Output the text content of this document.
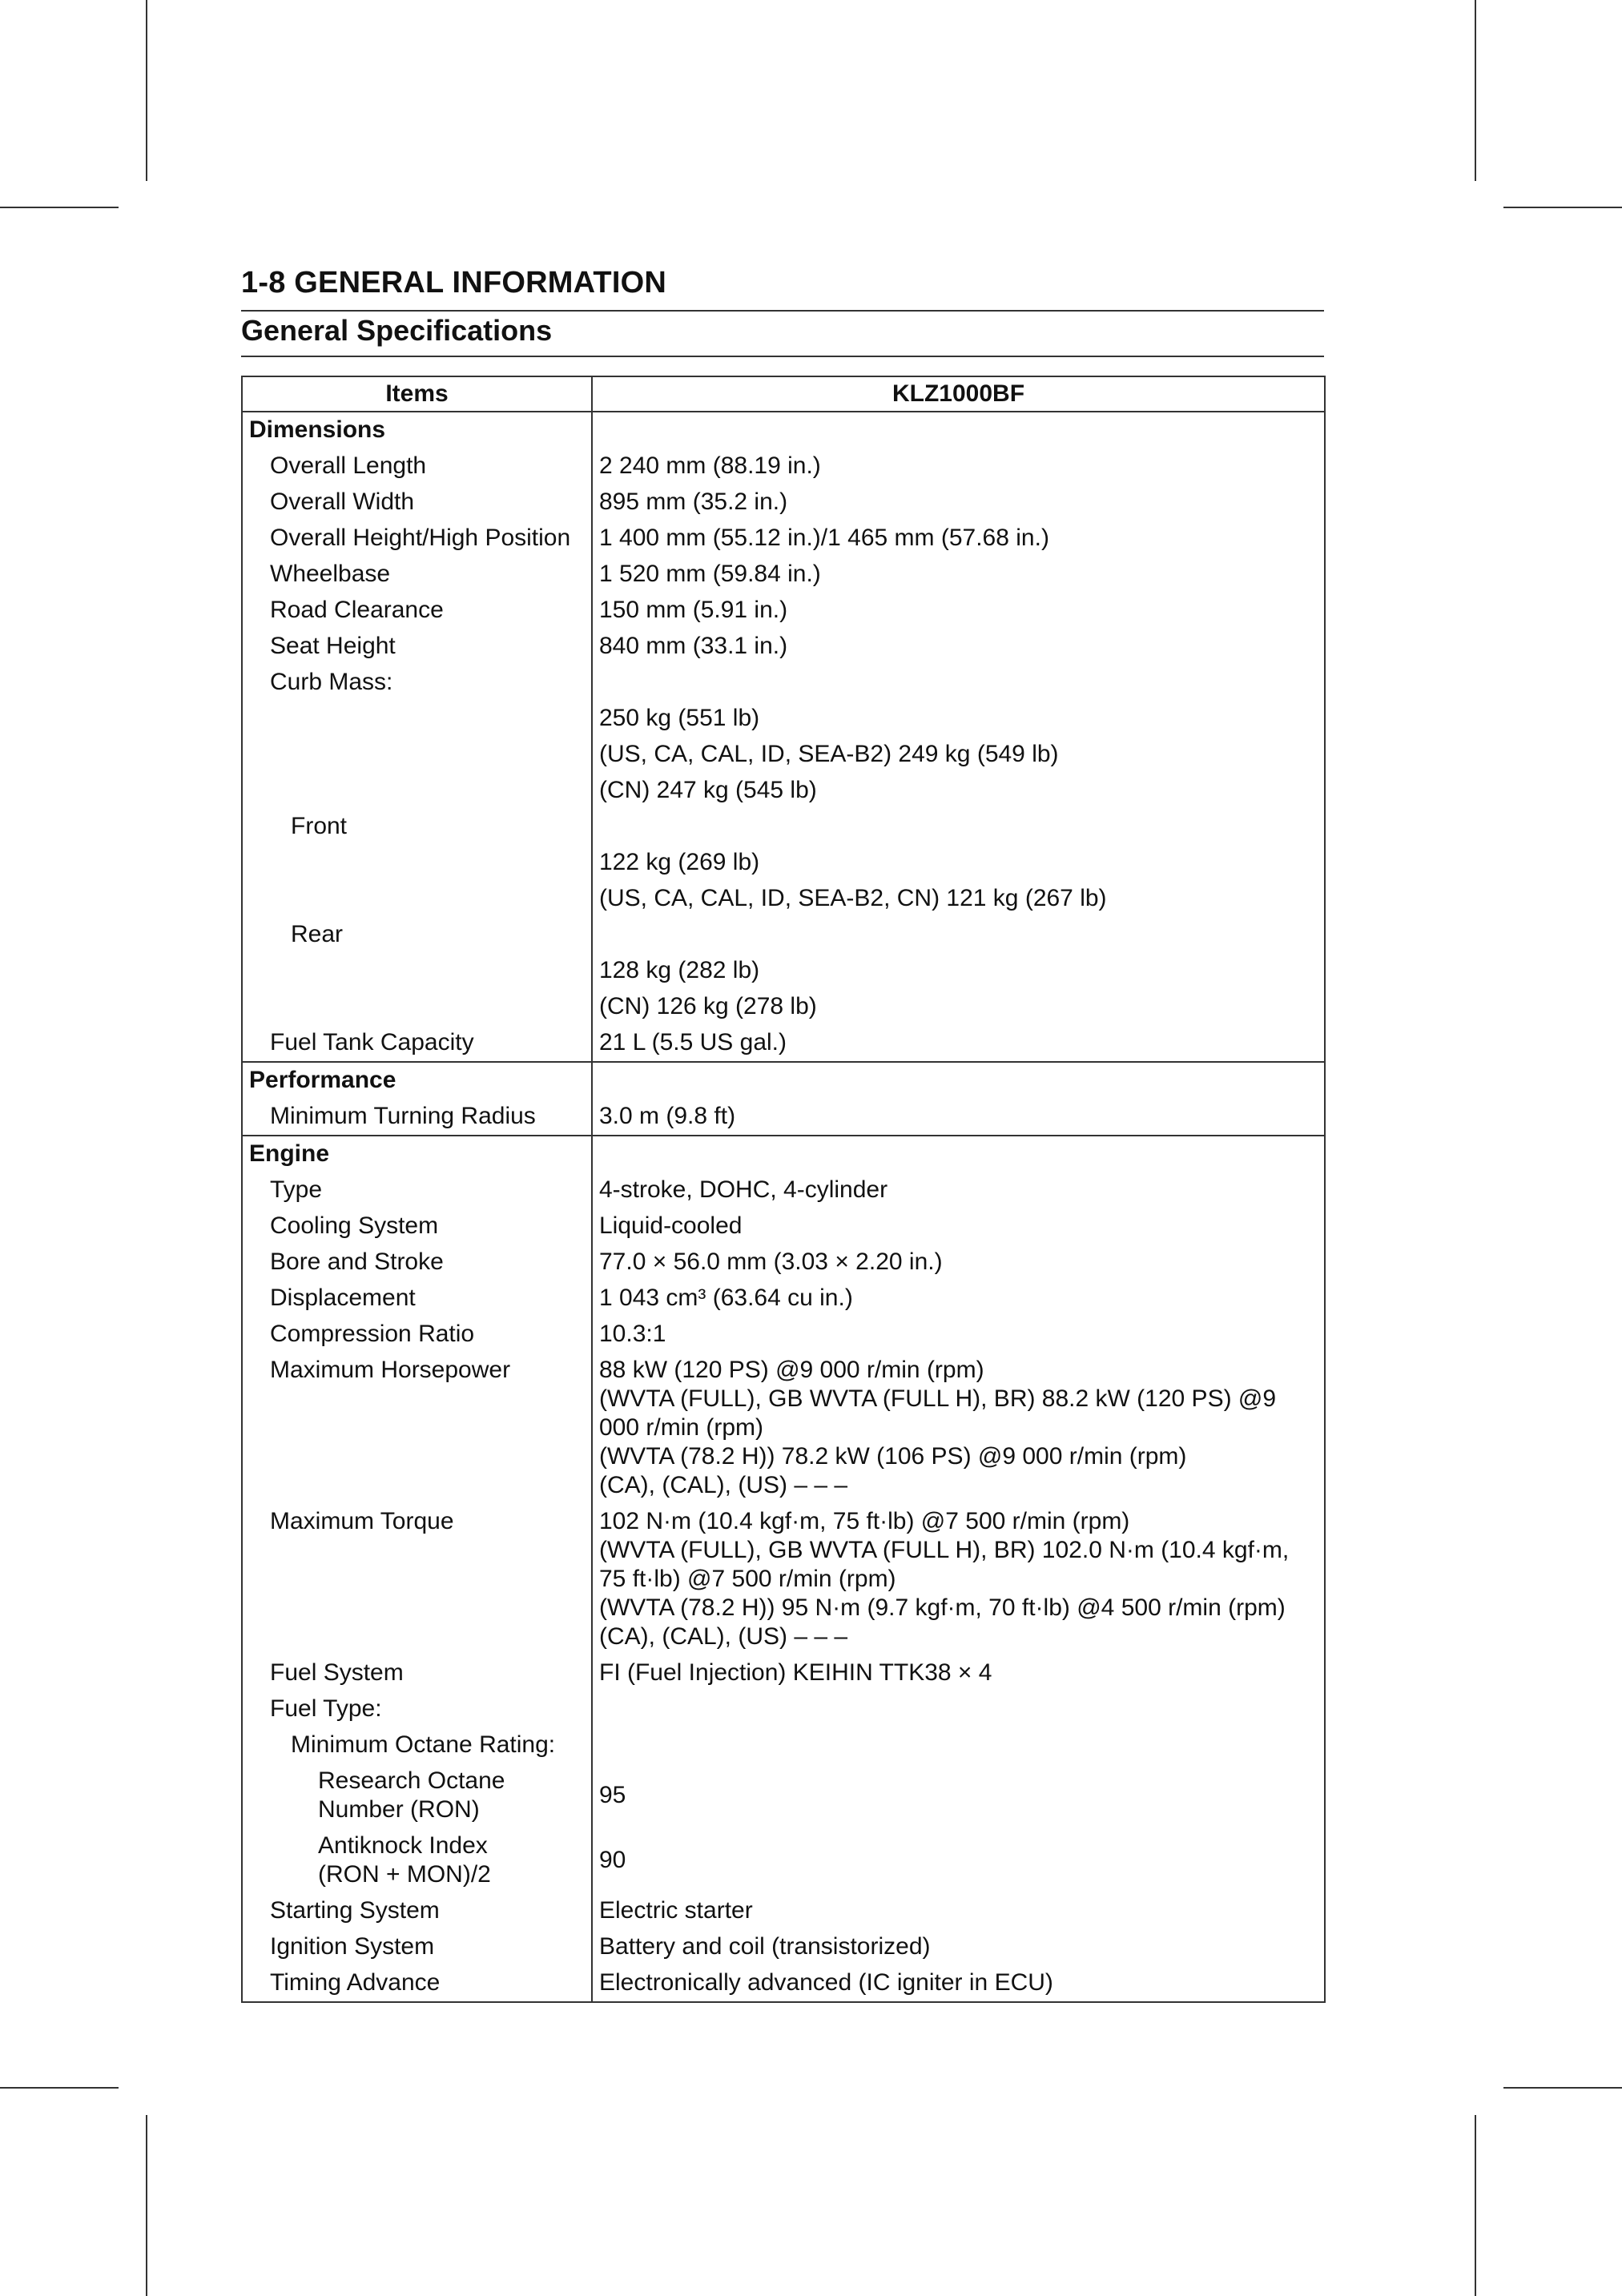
1-8 GENERAL INFORMATION
General Specifications
Items	KLZ1000BF
Dimensions	
Overall Length	2 240 mm (88.19 in.)
Overall Width	895 mm (35.2 in.)
Overall Height/High Position	1 400 mm (55.12 in.)/1 465 mm (57.68 in.)
Wheelbase	1 520 mm (59.84 in.)
Road Clearance	150 mm (5.91 in.)
Seat Height	840 mm (33.1 in.)
Curb Mass:	
	250 kg (551 lb)
	(US, CA, CAL, ID, SEA-B2) 249 kg (549 lb)
	(CN) 247 kg (545 lb)
Front	
	122 kg (269 lb)
	(US, CA, CAL, ID, SEA-B2, CN) 121 kg (267 lb)
Rear	
	128 kg (282 lb)
	(CN) 126 kg (278 lb)
Fuel Tank Capacity	21 L (5.5 US gal.)
Performance	
Minimum Turning Radius	3.0 m (9.8 ft)
Engine	
Type	4-stroke, DOHC, 4-cylinder
Cooling System	Liquid-cooled
Bore and Stroke	77.0 × 56.0 mm (3.03 × 2.20 in.)
Displacement	1 043 cm³ (63.64 cu in.)
Compression Ratio	10.3:1
Maximum Horsepower	88 kW (120 PS) @9 000 r/min (rpm)
(WVTA (FULL), GB WVTA (FULL H), BR) 88.2 kW (120 PS) @9
000 r/min (rpm)
(WVTA (78.2 H)) 78.2 kW (106 PS) @9 000 r/min (rpm)
(CA), (CAL), (US) – – –

Maximum Torque	102 N·m (10.4 kgf·m, 75 ft·lb) @7 500 r/min (rpm)
(WVTA (FULL), GB WVTA (FULL H), BR) 102.0 N·m (10.4 kgf·m,
75 ft·lb) @7 500 r/min (rpm)
(WVTA (78.2 H)) 95 N·m (9.7 kgf·m, 70 ft·lb) @4 500 r/min (rpm)
(CA), (CAL), (US) – – –

Fuel System	FI (Fuel Injection) KEIHIN TTK38 × 4
Fuel Type:	
Minimum Octane Rating:	

Research Octane
Number (RON)	95

Antiknock Index
(RON + MON)/2	90
Starting System	Electric starter
Ignition System	Battery and coil (transistorized)
Timing Advance	Electronically advanced (IC igniter in ECU)
